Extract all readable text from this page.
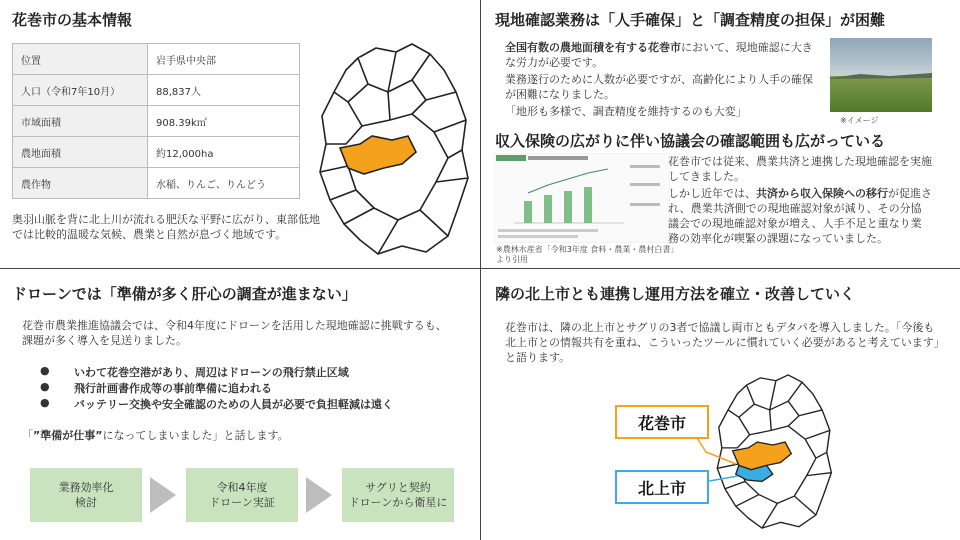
花巻市の基本情報
位置	岩手県中央部
人口（令和7年10月）	88,837人
市域面積	908.39k㎡
農地面積	約12,000ha
農作物	水稲、りんご、りんどう
奥羽山脈を背に北上川が流れる肥沃な平野に広がり、東部低地では比較的温暖な気候、農業と自然が息づく地域です。
現地確認業務は「人手確保」と「調査精度の担保」が困難
全国有数の農地面積を有する花巻市において、現地確認に大きな労力が必要です。
業務遂行のために人数が必要ですが、高齢化により人手の確保が困難になりました。
「地形も多様で、調査精度を維持するのも大変」
※イメージ
収入保険の広がりに伴い協議会の確認範囲も広がっている
※農林水産省「令和3年度 食料・農業・農村白書」より引用
花巻市では従来、農業共済と連携した現地確認を実施してきました。
しかし近年では、共済から収入保険への移行が促進され、農業共済側での現地確認対象が減り、その分協議会での現地確認対象が増え、人手不足と重なり業務の効率化が喫緊の課題になっていました。
ドローンでは「準備が多く肝心の調査が進まない」
花巻市農業推進協議会では、令和4年度にドローンを活用した現地確認に挑戦するも、課題が多く導入を見送りました。
● いわて花巻空港があり、周辺はドローンの飛行禁止区域
● 飛行計画書作成等の事前準備に追われる
● バッテリー交換や安全確認のための人員が必要で負担軽減は遠く
「”準備が仕事”になってしまいました」と話します。
業務効率化
検討
令和4年度
ドローン実証
サグリと契約
ドローンから衛星に
隣の北上市とも連携し運用方法を確立・改善していく
花巻市は、隣の北上市とサグリの3者で協議し両市ともデタパを導入しました。「今後も北上市との情報共有を重ね、こういったツールに慣れていく必要があると考えています」と語ります。
花巻市
北上市
